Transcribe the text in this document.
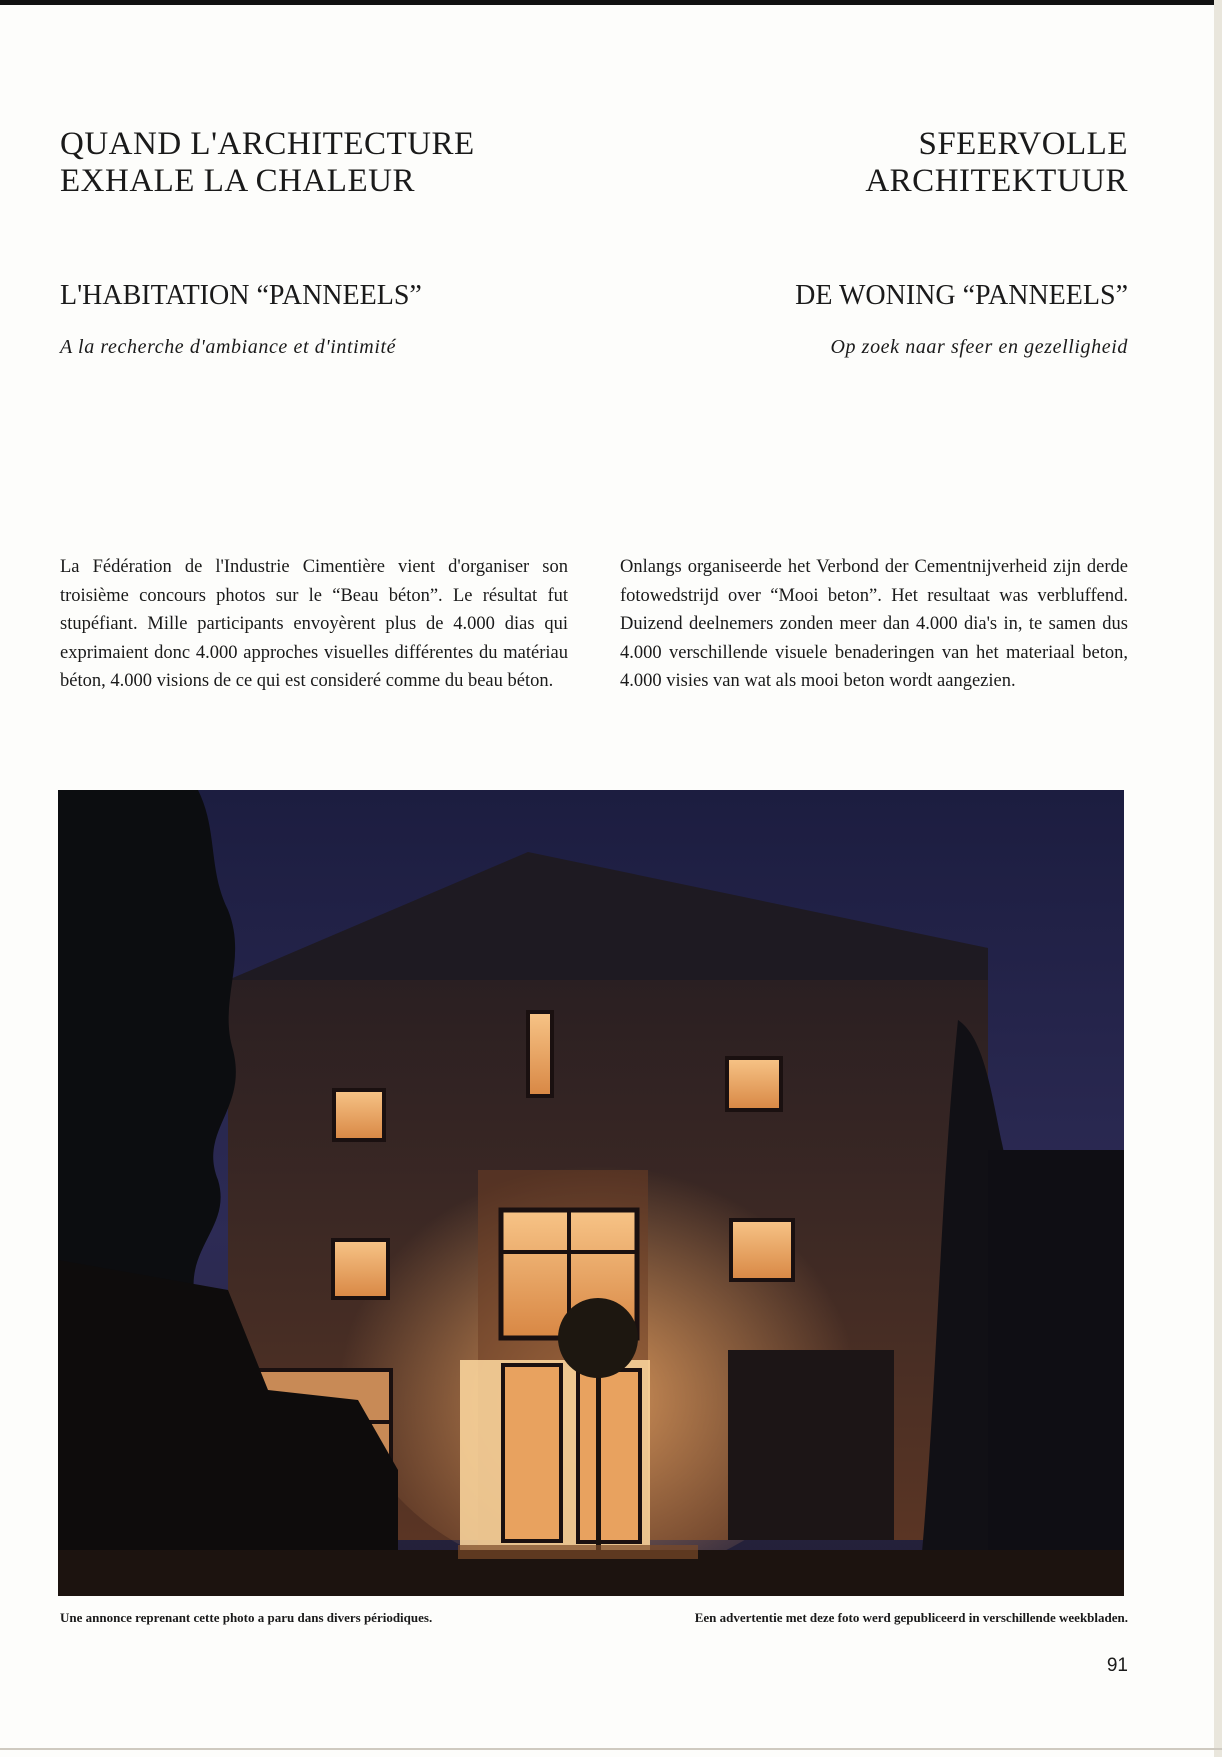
QUAND L'ARCHITECTURE

EXHALE LA CHALEUR

SFEERVOLLE

ARCHITEKTUUR

L'HABITATION “PANNEELS”	DE WONING “PANNEELS”

A la recherche d'ambiance et d'intimité	Op zoek naar sfeer en gezelligheid

La Fédération de l'Industrie Cimentière vient d'organiser son troisième concours photos sur le “Beau béton”. Le résultat fut stupéfiant. Mille participants envoyèrent plus de 4.000 dias qui exprimaient donc 4.000 approches visuelles différentes du matériau béton, 4.000 visions de ce qui est consideré comme du beau béton.

Onlangs organiseerde het Verbond der Cementnijverheid zijn derde fotowedstrijd over “Mooi beton”. Het resultaat was verbluffend. Duizend deelnemers zonden meer dan 4.000 dia's in, te samen dus 4.000 verschillende visuele benaderingen van het materiaal beton, 4.000 visies van wat als mooi beton wordt aangezien.

Une annonce reprenant cette photo a paru dans divers périodiques.	Een advertentie met deze foto werd gepubliceerd in verschillende weekbladen.

91
